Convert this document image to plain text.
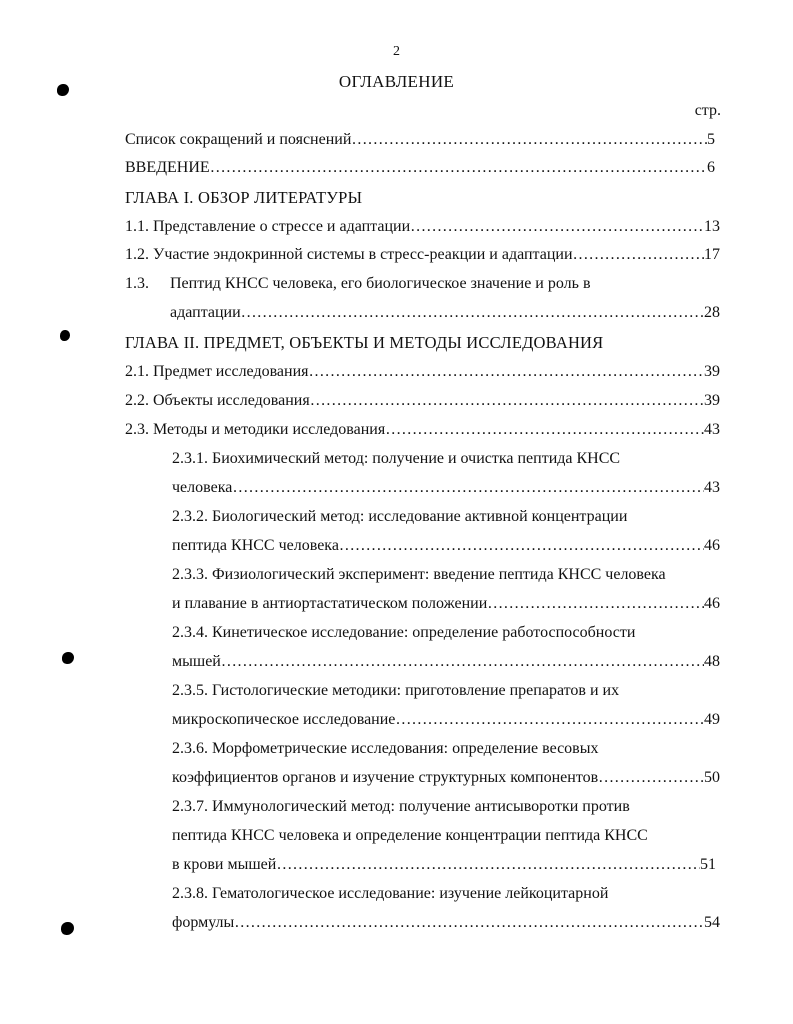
2
ОГЛАВЛЕНИЕ
стр.
Список сокращений и пояснений …………………………………………………………………………………………………………………………………………………………………………………………………	5
ВВЕДЕНИЕ …………………………………………………………………………………………………………………………………………………………………………………………………	6
ГЛАВА I. ОБЗОР ЛИТЕРАТУРЫ
1.1. Представление о стрессе и адаптации …………………………………………………………………………………………………………………………………………………………………………………………………	13
1.2. Участие эндокринной системы в стресс-реакции и адаптации …………………………………………………………………………………………………………………………………………………………………………………………………	17
1.3. Пептид КНСС человека, его биологическое значение и роль в
адаптации …………………………………………………………………………………………………………………………………………………………………………………………………	28
ГЛАВА II. ПРЕДМЕТ, ОБЪЕКТЫ И МЕТОДЫ ИССЛЕДОВАНИЯ
2.1. Предмет исследования …………………………………………………………………………………………………………………………………………………………………………………………………	39
2.2. Объекты исследования …………………………………………………………………………………………………………………………………………………………………………………………………	39
2.3. Методы и методики исследования …………………………………………………………………………………………………………………………………………………………………………………………………	43
2.3.1. Биохимический метод: получение и очистка пептида КНСС
человека …………………………………………………………………………………………………………………………………………………………………………………………………	43
2.3.2. Биологический метод: исследование активной концентрации
пептида КНСС человека …………………………………………………………………………………………………………………………………………………………………………………………………	46
2.3.3. Физиологический эксперимент: введение пептида КНСС человека
и плавание в антиортастатическом положении …………………………………………………………………………………………………………………………………………………………………………………………………	46
2.3.4. Кинетическое исследование: определение работоспособности
мышей …………………………………………………………………………………………………………………………………………………………………………………………………	48
2.3.5. Гистологические методики: приготовление препаратов и их
микроскопическое исследование …………………………………………………………………………………………………………………………………………………………………………………………………	49
2.3.6. Морфометрические исследования: определение весовых
коэффициентов органов и изучение структурных компонентов …………………………………………………………………………………………………………………………………………………………………………………………………	50
2.3.7. Иммунологический метод: получение антисыворотки против
пептида КНСС человека и определение концентрации пептида КНСС
в крови мышей …………………………………………………………………………………………………………………………………………………………………………………………………	51
2.3.8. Гематологическое исследование: изучение лейкоцитарной
формулы …………………………………………………………………………………………………………………………………………………………………………………………………	54
